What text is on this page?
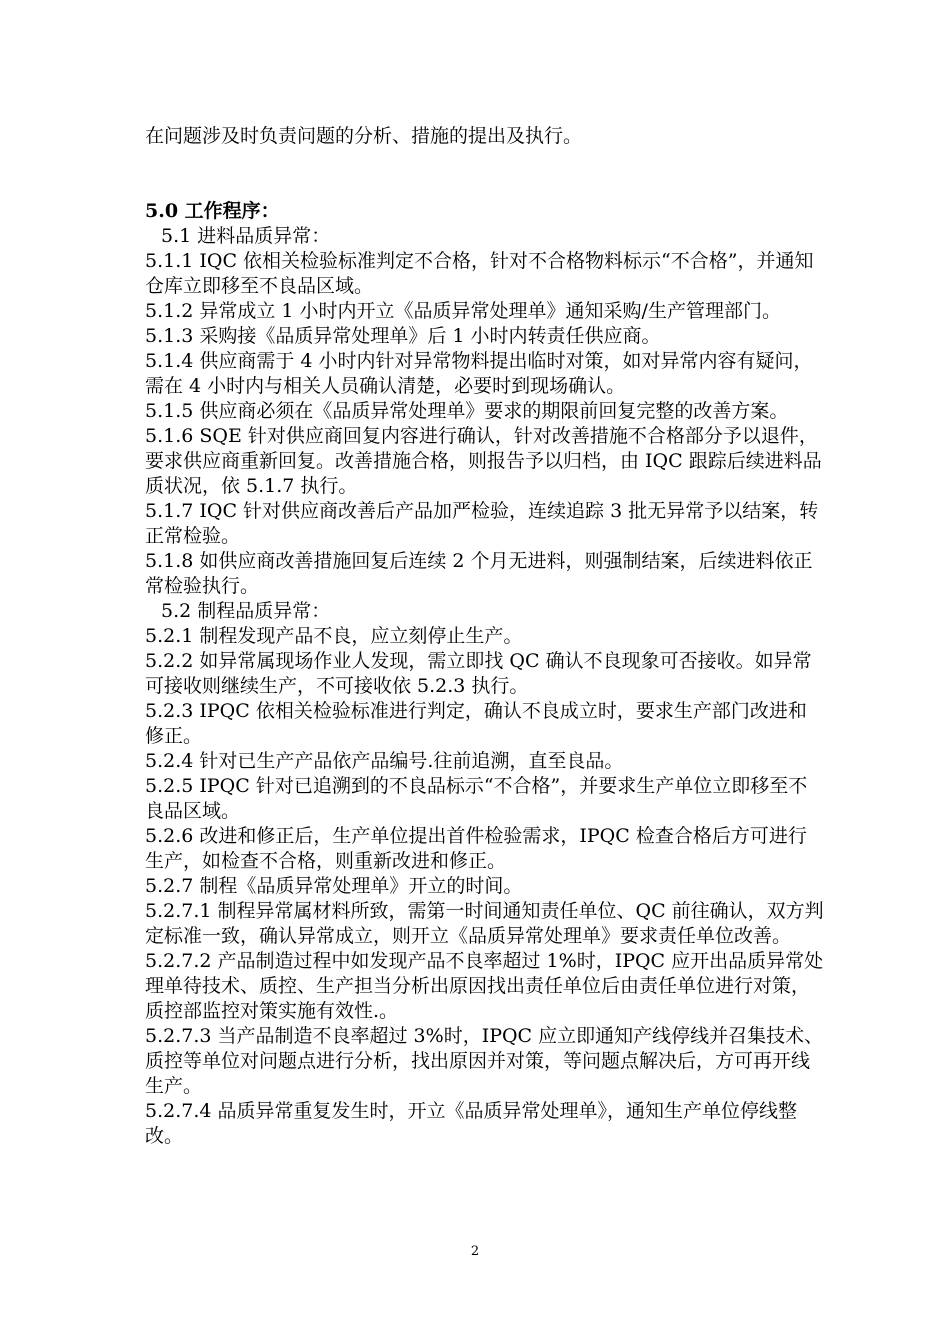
在问题涉及时负责问题的分析、措施的提出及执行。

5.0 工作程序：

5.1 进料品质异常：

5.1.1 IQC 依相关检验标准判定不合格，针对不合格物料标示“不合格”，并通知仓库立即移至不良品区域。

5.1.2 异常成立 1 小时内开立《品质异常处理单》通知采购/生产管理部门。

5.1.3 采购接《品质异常处理单》后 1 小时内转责任供应商。

5.1.4 供应商需于 4 小时内针对异常物料提出临时对策，如对异常内容有疑问，需在 4 小时内与相关人员确认清楚，必要时到现场确认。

5.1.5 供应商必须在《品质异常处理单》要求的期限前回复完整的改善方案。

5.1.6 SQE 针对供应商回复内容进行确认，针对改善措施不合格部分予以退件，要求供应商重新回复。改善措施合格，则报告予以归档，由 IQC 跟踪后续进料品质状况，依 5.1.7 执行。

5.1.7 IQC 针对供应商改善后产品加严检验，连续追踪 3 批无异常予以结案，转正常检验。

5.1.8 如供应商改善措施回复后连续 2 个月无进料，则强制结案，后续进料依正常检验执行。

5.2 制程品质异常：

5.2.1 制程发现产品不良，应立刻停止生产。

5.2.2 如异常属现场作业人发现，需立即找 QC 确认不良现象可否接收。如异常可接收则继续生产，不可接收依 5.2.3 执行。

5.2.3 IPQC 依相关检验标准进行判定，确认不良成立时，要求生产部门改进和修正。

5.2.4 针对已生产产品依产品编号.往前追溯，直至良品。

5.2.5 IPQC 针对已追溯到的不良品标示“不合格”，并要求生产单位立即移至不良品区域。

5.2.6 改进和修正后，生产单位提出首件检验需求，IPQC 检查合格后方可进行生产，如检查不合格，则重新改进和修正。

5.2.7 制程《品质异常处理单》开立的时间。

5.2.7.1 制程异常属材料所致，需第一时间通知责任单位、QC 前往确认，双方判定标准一致，确认异常成立，则开立《品质异常处理单》要求责任单位改善。

5.2.7.2 产品制造过程中如发现产品不良率超过 1%时，IPQC 应开出品质异常处理单待技术、质控、生产担当分析出原因找出责任单位后由责任单位进行对策，质控部监控对策实施有效性.。

5.2.7.3 当产品制造不良率超过 3%时，IPQC 应立即通知产线停线并召集技术、质控等单位对问题点进行分析，找出原因并对策，等问题点解决后，方可再开线生产。

5.2.7.4 品质异常重复发生时，开立《品质异常处理单》，通知生产单位停线整改。

2
